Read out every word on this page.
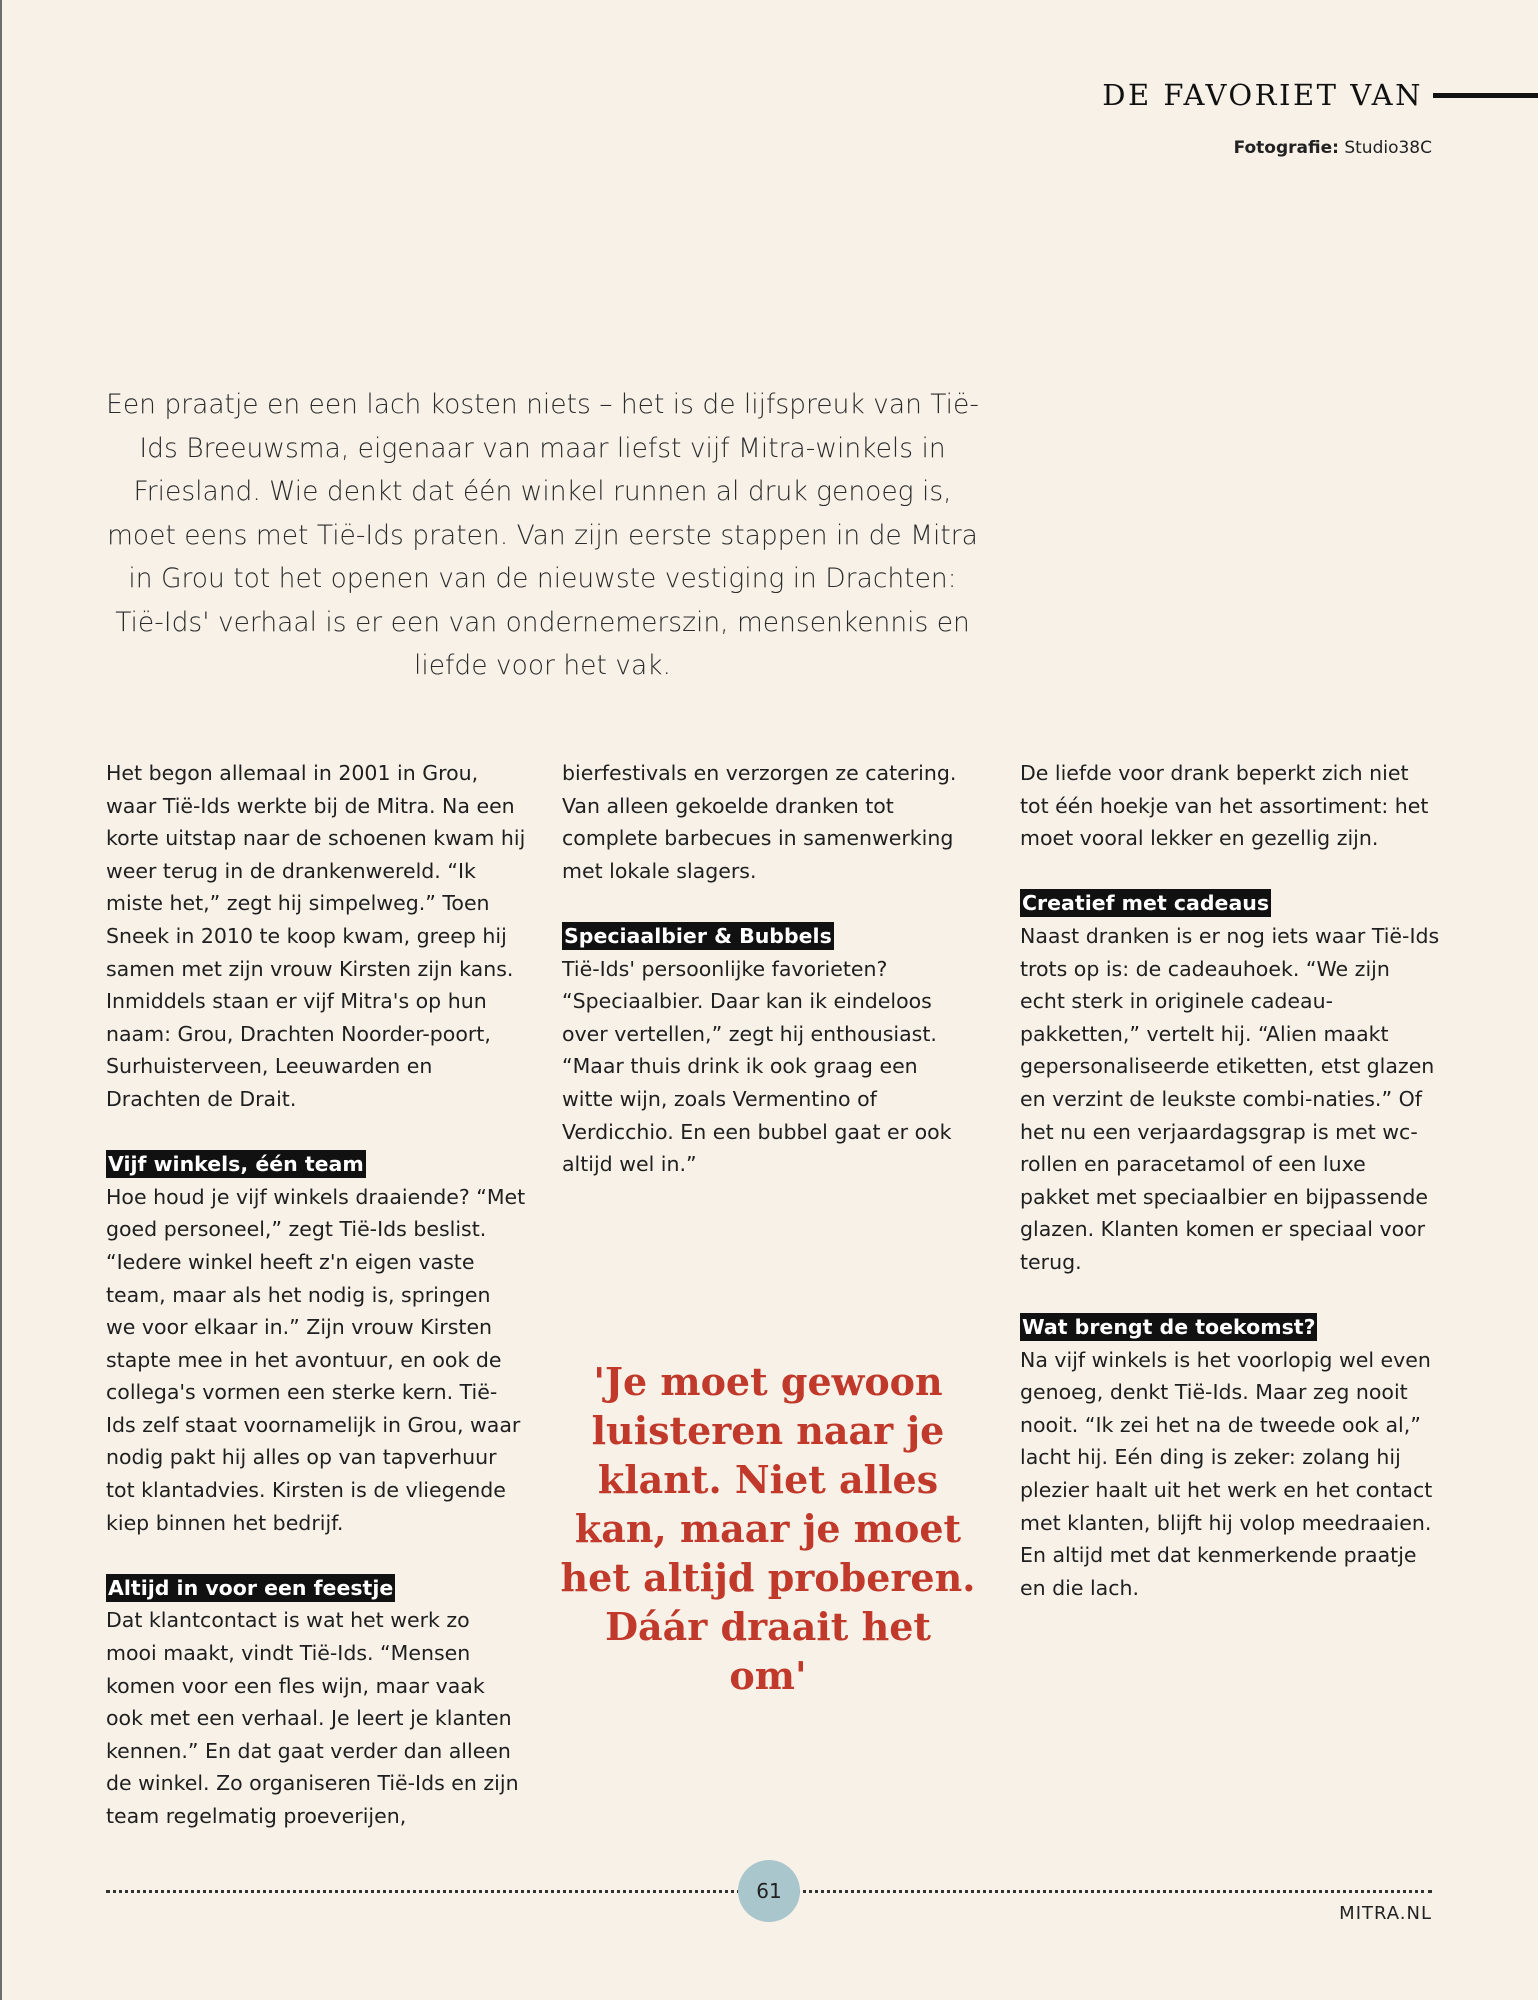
DE FAVORIET VAN
Fotografie: Studio38C
Een praatje en een lach kosten niets – het is de lijfspreuk van Tië-Ids Breeuwsma, eigenaar van maar liefst vijf Mitra-winkels in Friesland. Wie denkt dat één winkel runnen al druk genoeg is, moet eens met Tië-Ids praten. Van zijn eerste stappen in de Mitra in Grou tot het openen van de nieuwste vestiging in Drachten: Tië-Ids' verhaal is er een van ondernemerszin, mensenkennis en liefde voor het vak.

Het begon allemaal in 2001 in Grou, waar Tië-Ids werkte bij de Mitra. Na een korte uitstap naar de schoenen kwam hij weer terug in de drankenwereld. “Ik miste het,” zegt hij simpelweg.” Toen Sneek in 2010 te koop kwam, greep hij samen met zijn vrouw Kirsten zijn kans. Inmiddels staan er vijf Mitra's op hun naam: Grou, Drachten Noorder-poort, Surhuisterveen, Leeuwarden en Drachten de Drait.

Vijf winkels, één team

Hoe houd je vijf winkels draaiende? “Met goed personeel,” zegt Tië-Ids beslist. “Iedere winkel heeft z'n eigen vaste team, maar als het nodig is, springen we voor elkaar in.” Zijn vrouw Kirsten stapte mee in het avontuur, en ook de collega's vormen een sterke kern. Tië-Ids zelf staat voornamelijk in Grou, waar nodig pakt hij alles op van tapverhuur tot klantadvies. Kirsten is de vliegende kiep binnen het bedrijf.

Altijd in voor een feestje

Dat klantcontact is wat het werk zo mooi maakt, vindt Tië-Ids. “Mensen komen voor een fles wijn, maar vaak ook met een verhaal. Je leert je klanten kennen.” En dat gaat verder dan alleen de winkel. Zo organiseren Tië-Ids en zijn team regelmatig proeverijen,

bierfestivals en verzorgen ze catering. Van alleen gekoelde dranken tot complete barbecues in samenwerking met lokale slagers.

Speciaalbier & Bubbels

Tië-Ids' persoonlijke favorieten? “Speciaalbier. Daar kan ik eindeloos over vertellen,” zegt hij enthousiast. “Maar thuis drink ik ook graag een witte wijn, zoals Vermentino of Verdicchio. En een bubbel gaat er ook altijd wel in.”

'Je moet gewoon luisteren naar je klant. Niet alles kan, maar je moet het altijd proberen. Dáár draait het om'

De liefde voor drank beperkt zich niet tot één hoekje van het assortiment: het moet vooral lekker en gezellig zijn.

Creatief met cadeaus

Naast dranken is er nog iets waar Tië-Ids trots op is: de cadeauhoek. “We zijn echt sterk in originele cadeau-pakketten,” vertelt hij. “Alien maakt gepersonaliseerde etiketten, etst glazen en verzint de leukste combi-naties.” Of het nu een verjaardagsgrap is met wc-rollen en paracetamol of een luxe pakket met speciaalbier en bijpassende glazen. Klanten komen er speciaal voor terug.

Wat brengt de toekomst?

Na vijf winkels is het voorlopig wel even genoeg, denkt Tië-Ids. Maar zeg nooit nooit. “Ik zei het na de tweede ook al,” lacht hij. Eén ding is zeker: zolang hij plezier haalt uit het werk en het contact met klanten, blijft hij volop meedraaien. En altijd met dat kenmerkende praatje en die lach.

61
MITRA.NL
